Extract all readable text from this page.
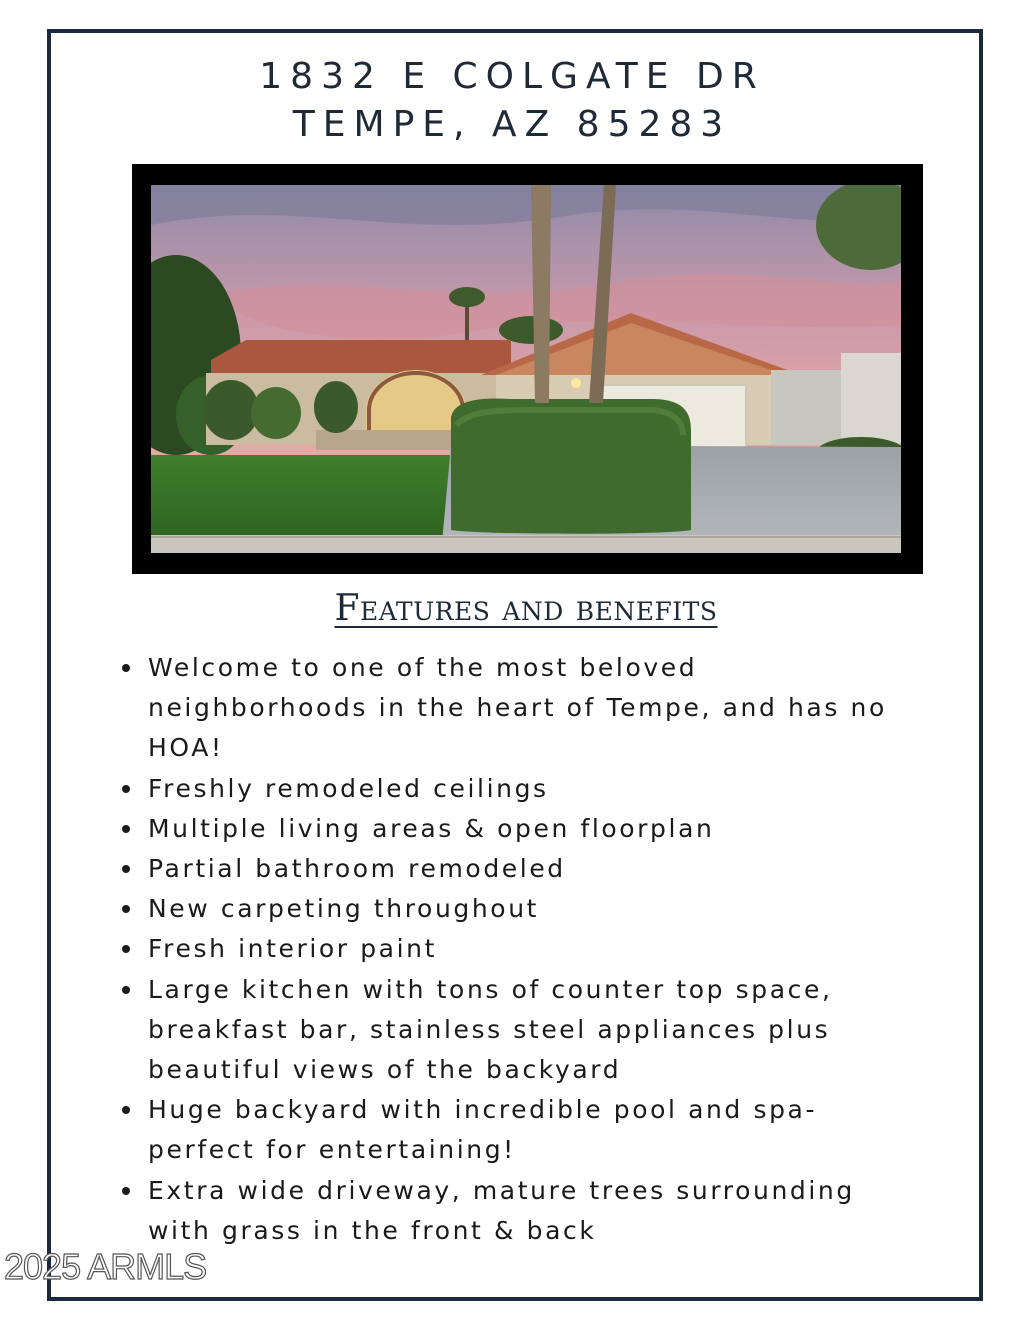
1832 E COLGATE DR
TEMPE, AZ 85283
Features and benefits
Welcome to one of the most beloved neighborhoods in the heart of Tempe, and has no HOA!
Freshly remodeled ceilings
Multiple living areas & open floorplan
Partial bathroom remodeled
New carpeting throughout
Fresh interior paint
Large kitchen with tons of counter top space, breakfast bar, stainless steel appliances plus beautiful views of the backyard
Huge backyard with incredible pool and spa-perfect for entertaining!
Extra wide driveway, mature trees surrounding with grass in the front & back
2025 ARMLS
